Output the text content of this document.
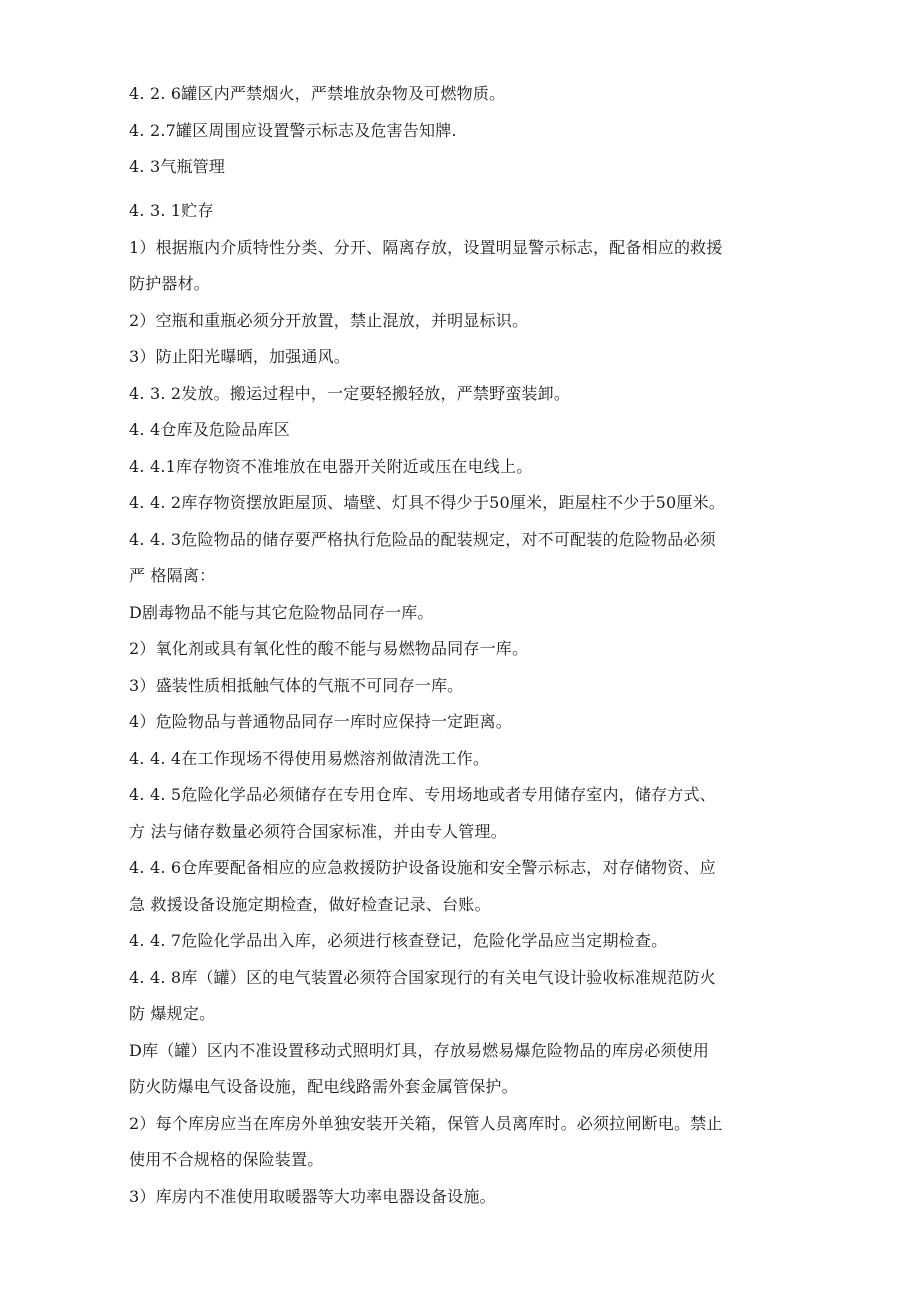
4. 2. 6罐区内严禁烟火，严禁堆放杂物及可燃物质。
4. 2.7罐区周围应设置警示标志及危害告知牌.
4. 3气瓶管理
4. 3. 1贮存
1）根据瓶内介质特性分类、分开、隔离存放，设置明显警示标志，配备相应的救援
防护器材。
2）空瓶和重瓶必须分开放置，禁止混放，并明显标识。
3）防止阳光曝晒，加强通风。
4. 3. 2发放。搬运过程中，一定要轻搬轻放，严禁野蛮装卸。
4. 4仓库及危险品库区
4. 4.1库存物资不准堆放在电器开关附近或压在电线上。
4. 4. 2库存物资摆放距屋顶、墙壁、灯具不得少于50厘米，距屋柱不少于50厘米。
4. 4. 3危险物品的储存要严格执行危险品的配装规定，对不可配装的危险物品必须
严 格隔离：
D剧毒物品不能与其它危险物品同存一库。
2）氧化剂或具有氧化性的酸不能与易燃物品同存一库。
3）盛装性质相抵触气体的气瓶不可同存一库。
4）危险物品与普通物品同存一库时应保持一定距离。
4. 4. 4在工作现场不得使用易燃溶剂做清洗工作。
4. 4. 5危险化学品必须储存在专用仓库、专用场地或者专用储存室内，储存方式、
方 法与储存数量必须符合国家标准，并由专人管理。
4. 4. 6仓库要配备相应的应急救援防护设备设施和安全警示标志，对存储物资、应
急 救援设备设施定期检查，做好检查记录、台账。
4. 4. 7危险化学品出入库，必须进行核查登记，危险化学品应当定期检查。
4. 4. 8库（罐）区的电气装置必须符合国家现行的有关电气设计验收标准规范防火
防 爆规定。
D库（罐）区内不准设置移动式照明灯具，存放易燃易爆危险物品的库房必须使用
防火防爆电气设备设施，配电线路需外套金属管保护。
2）每个库房应当在库房外单独安装开关箱，保管人员离库时。必须拉闸断电。禁止
使用不合规格的保险装置。
3）库房内不准使用取暖器等大功率电器设备设施。
